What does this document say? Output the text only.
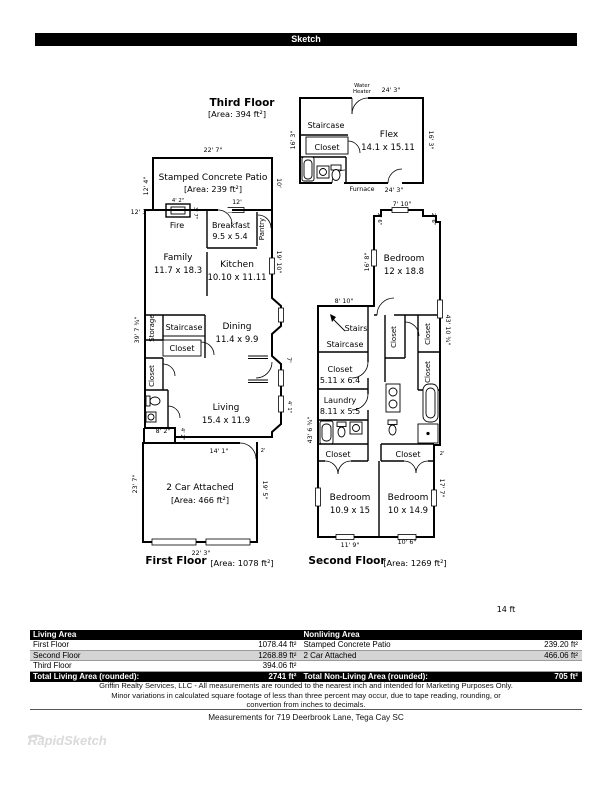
Sketch
Third Floor
[Area: 394 ft²]
Water
Heater 24' 3"
Staircase
Closet
Flex
14.1 x 15.11
Furnace 24' 3"
16' 3"	16' 3"
22' 7"
Stamped Concrete Patio
[Area: 239 ft²]
12' 4"	10'
12' 3"
4' 2"
3' 7"
Fire
12'
Breakfast
9.5 x 5.4 Pantry
Family
11.7 x 18.3
Kitchen
10.10 x 11.11
19' 10"
39' 7 ¾" Storage Staircase
Closet
Dining
11.4 x 9.9
Closet
Living
15.4 x 11.9
7'
4' 1"
8' 2" 4' 2"
14' 1"	2'
2 Car Attached
[Area: 466 ft²]
23' 7"	19' 5"
22' 3"
First Floor [Area: 1078 ft²]
7' 10"
2' 6"	2' 6"
Bedroom
12 x 18.8
16' 8"
8' 10"
Stairs
Staircase
Closet
5.11 x 6.4
Laundry
8.11 x 5.5
Closet	Closet
Closet
Closet	Closet	2'
Bedroom
10.9 x 15
Bedroom
10 x 14.9
43' 6 ¾"
43' 10 ¾"
17' 7"
11' 9"	10' 6"
Second Floor
[Area: 1269 ft²]
14 ft
Living Area	Nonliving Area
First Floor	1078.44 ft² Stamped Concrete Patio	239.20 ft²
Second Floor	1268.89 ft² 2 Car Attached	466.06 ft²
Third Floor	394.06 ft²
Total Living Area (rounded):	2741 ft² Total Non-Living Area (rounded):	705 ft²
Griffin Realty Services, LLC - All measurements are rounded to the nearest inch and intended for Marketing Purposes Only.
Minor variations in calculated square footage of less than three percent may occur, due to tape reading, rounding, or
convertion from inches to decimals.
Measurements for 719 Deerbrook Lane, Tega Cay SC
RapidSketch
